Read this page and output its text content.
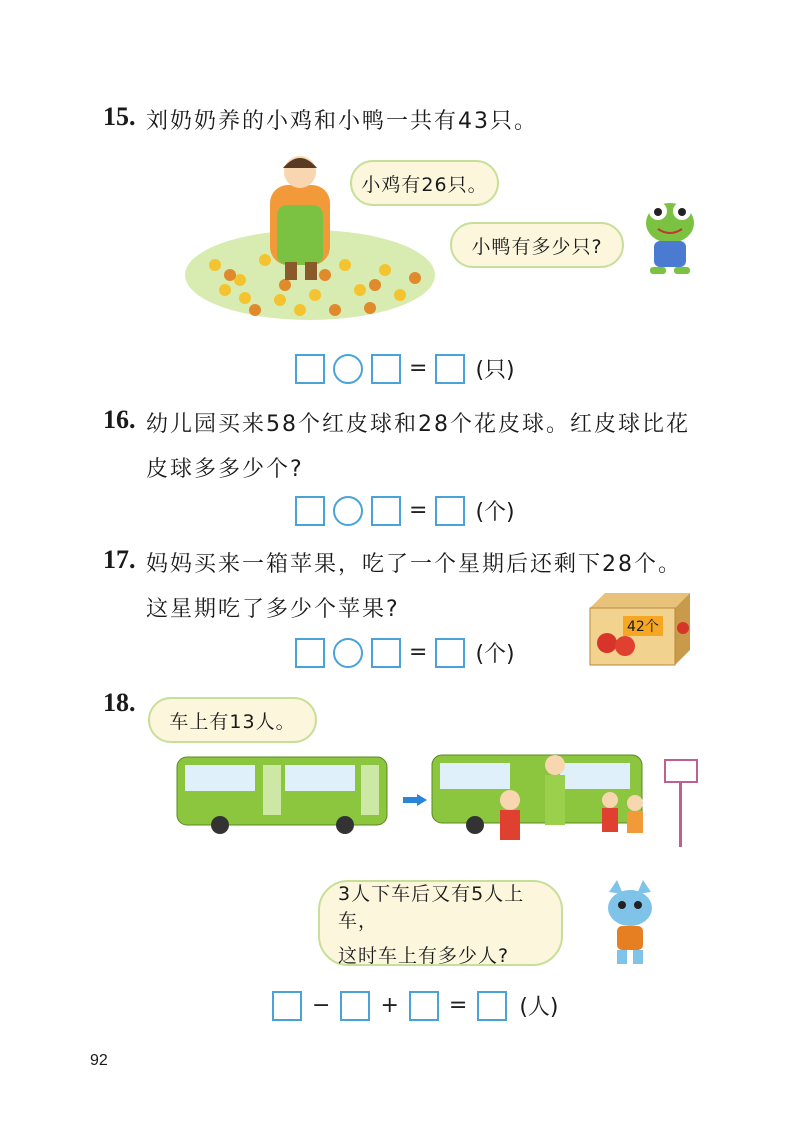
15. 刘奶奶养的小鸡和小鸭一共有43只。
小鸡有26只。
小鸭有多少只?
= (只)
16. 幼儿园买来58个红皮球和28个花皮球。红皮球比花
皮球多多少个?
= (个)
17. 妈妈买来一箱苹果，吃了一个星期后还剩下28个。
这星期吃了多少个苹果?
= (个)
42个
18.
车上有13人。
3人下车后又有5人上车，
这时车上有多少人?
− + = (人)
92
